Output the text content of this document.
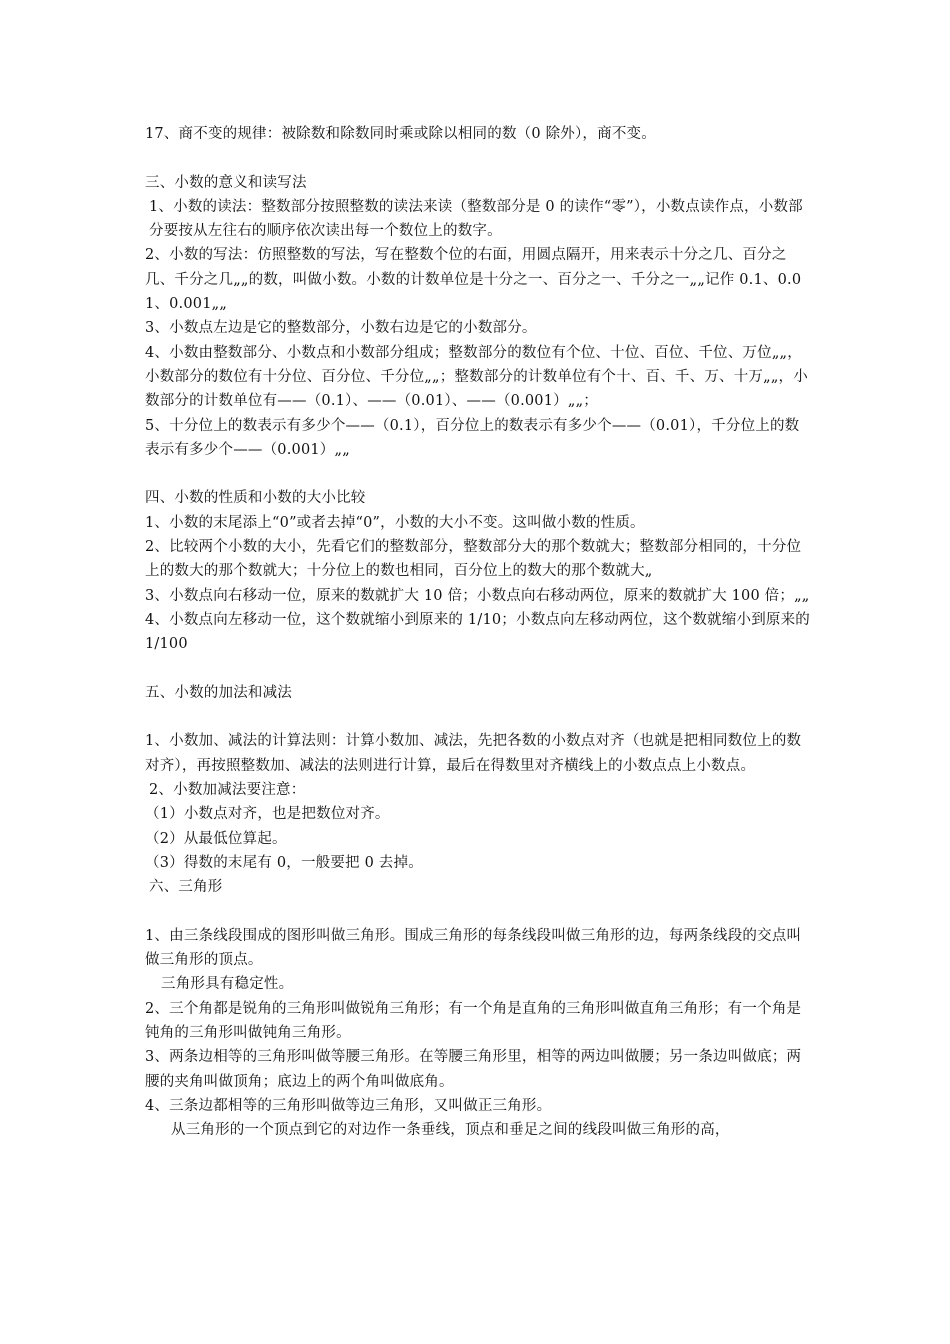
17、商不变的规律：被除数和除数同时乘或除以相同的数（0 除外），商不变。

三、小数的意义和读写法

1、小数的读法：整数部分按照整数的读法来读（整数部分是 0 的读作“零”），小数点读作点，小数部分要按从左往右的顺序依次读出每一个数位上的数字。

2、小数的写法：仿照整数的写法，写在整数个位的右面，用圆点隔开，用来表示十分之几、百分之几、千分之几„„的数，叫做小数。小数的计数单位是十分之一、百分之一、千分之一„„记作 0.1、0.01、0.001„„

3、小数点左边是它的整数部分，小数右边是它的小数部分。

4、小数由整数部分、小数点和小数部分组成；整数部分的数位有个位、十位、百位、千位、万位„„，小数部分的数位有十分位、百分位、千分位„„；整数部分的计数单位有个十、百、千、万、十万„„，小数部分的计数单位有——（0.1）、——（0.01）、——（0.001）„„；

5、十分位上的数表示有多少个——（0.1），百分位上的数表示有多少个——（0.01），千分位上的数表示有多少个——（0.001）„„

四、小数的性质和小数的大小比较

1、小数的末尾添上“0”或者去掉“0”，小数的大小不变。这叫做小数的性质。

2、比较两个小数的大小，先看它们的整数部分，整数部分大的那个数就大；整数部分相同的，十分位上的数大的那个数就大；十分位上的数也相同，百分位上的数大的那个数就大„

3、小数点向右移动一位，原来的数就扩大 10 倍；小数点向右移动两位，原来的数就扩大 100 倍；„„

4、小数点向左移动一位，这个数就缩小到原来的 1/10；小数点向左移动两位，这个数就缩小到原来的 1/100

五、小数的加法和减法

1、小数加、减法的计算法则：计算小数加、减法，先把各数的小数点对齐（也就是把相同数位上的数对齐），再按照整数加、减法的法则进行计算，最后在得数里对齐横线上的小数点点上小数点。

2、小数加减法要注意：

（1）小数点对齐，也是把数位对齐。

（2）从最低位算起。

（3）得数的末尾有 0，一般要把 0 去掉。

六、三角形

1、由三条线段围成的图形叫做三角形。围成三角形的每条线段叫做三角形的边，每两条线段的交点叫做三角形的顶点。

三角形具有稳定性。

2、三个角都是锐角的三角形叫做锐角三角形；有一个角是直角的三角形叫做直角三角形；有一个角是钝角的三角形叫做钝角三角形。

3、两条边相等的三角形叫做等腰三角形。在等腰三角形里，相等的两边叫做腰；另一条边叫做底；两腰的夹角叫做顶角；底边上的两个角叫做底角。

4、三条边都相等的三角形叫做等边三角形，又叫做正三角形。

从三角形的一个顶点到它的对边作一条垂线，顶点和垂足之间的线段叫做三角形的高，
